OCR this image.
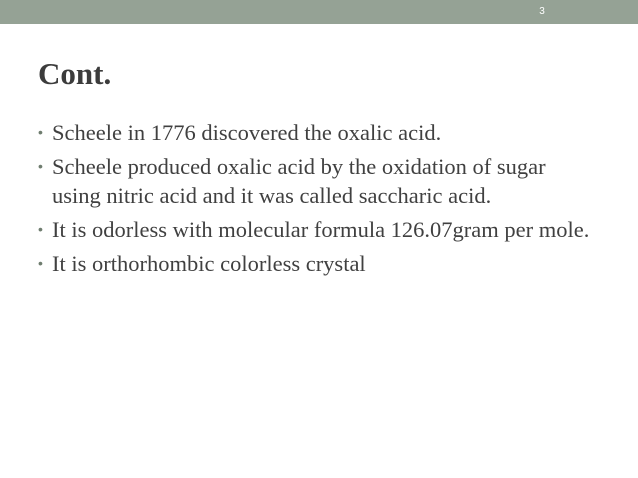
3
Cont.
• Scheele in 1776 discovered the oxalic acid.
• Scheele produced oxalic acid by the oxidation of sugar using nitric acid and it was called saccharic acid.
• It is odorless with molecular formula 126.07gram per mole.
• It is orthorhombic colorless crystal
